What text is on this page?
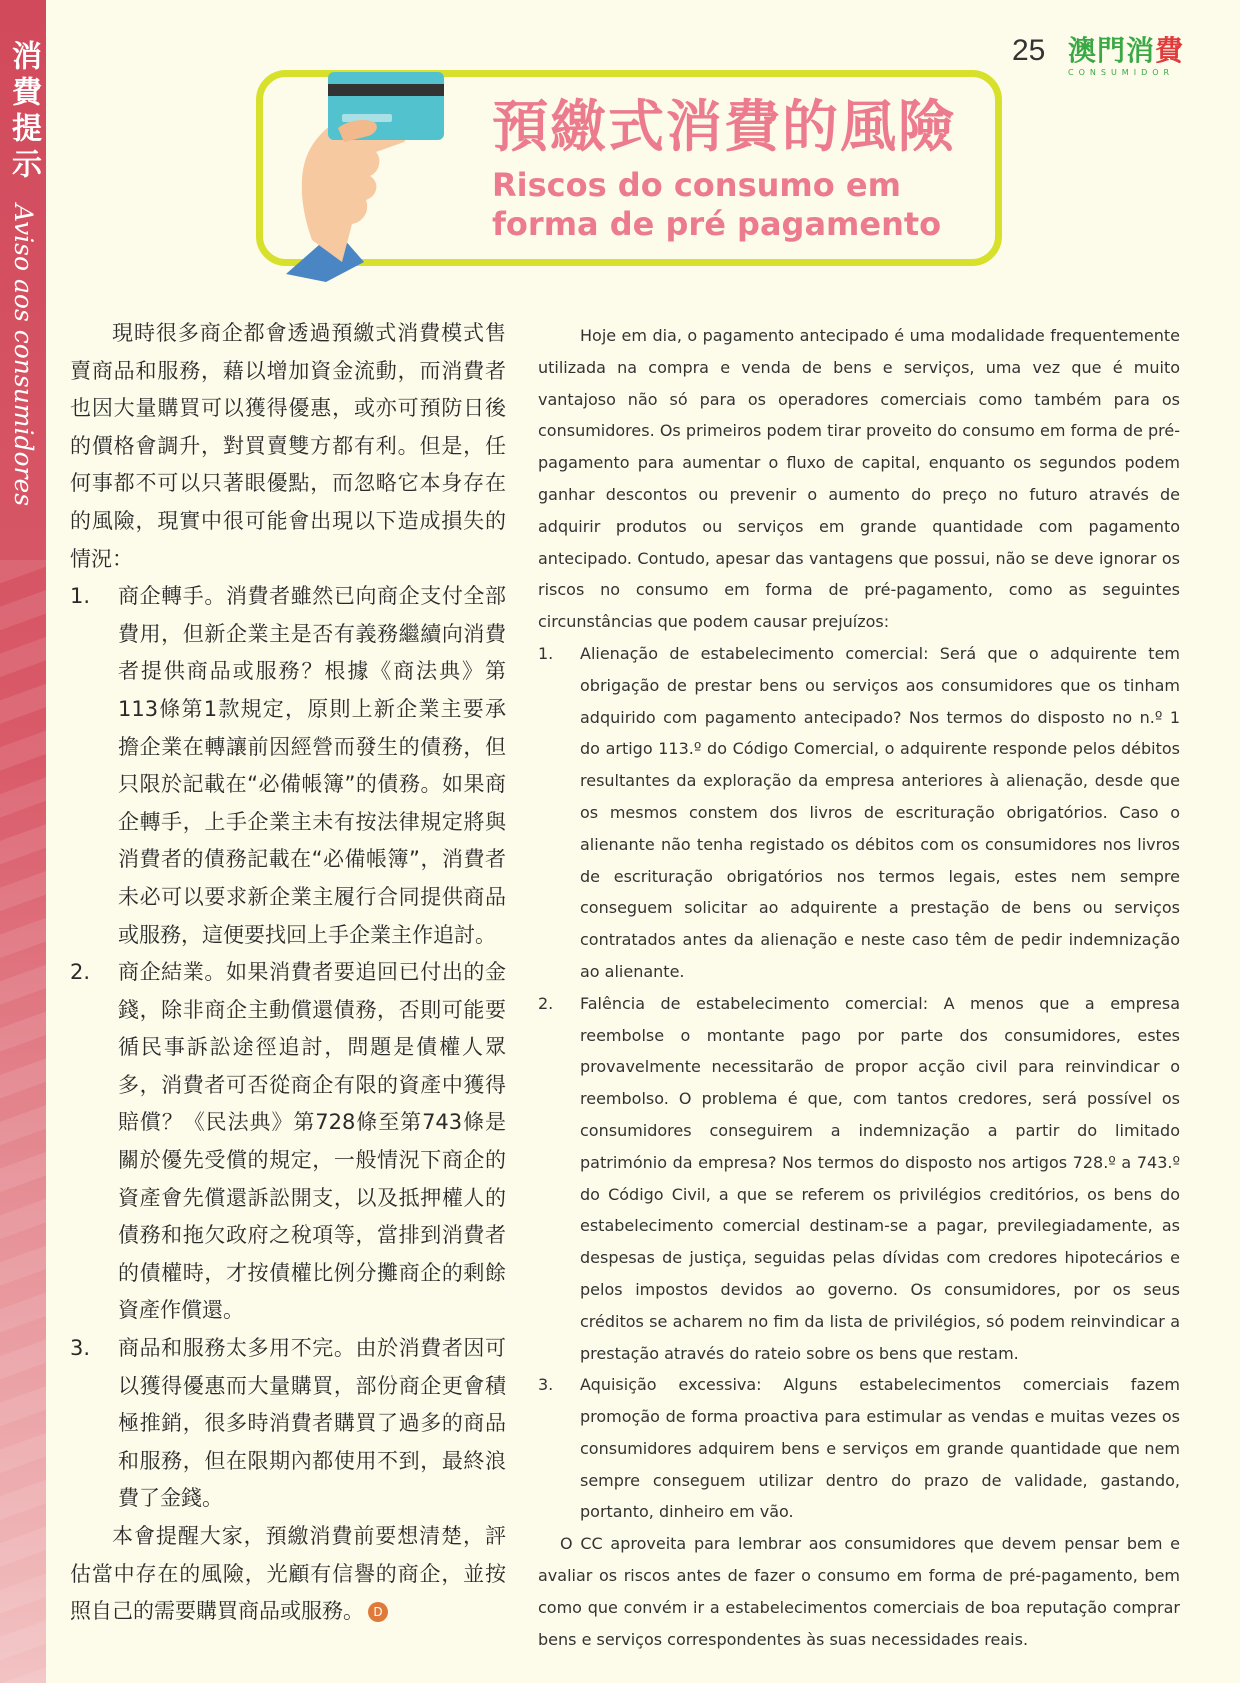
消費提示
Aviso aos consumidores
25 澳門消費
CONSUMIDOR
預繳式消費的風險
Riscos do consumo em
forma de pré pagamento

現時很多商企都會透過預繳式消費模式售賣商品和服務，藉以增加資金流動，而消費者也因大量購買可以獲得優惠，或亦可預防日後的價格會調升，對買賣雙方都有利。但是，任何事都不可以只著眼優點，而忽略它本身存在的風險，現實中很可能會出現以下造成損失的情況：

1. 商企轉手。消費者雖然已向商企支付全部費用，但新企業主是否有義務繼續向消費者提供商品或服務？根據《商法典》第113條第1款規定，原則上新企業主要承擔企業在轉讓前因經營而發生的債務，但只限於記載在“必備帳簿”的債務。如果商企轉手，上手企業主未有按法律規定將與消費者的債務記載在“必備帳簿”，消費者未必可以要求新企業主履行合同提供商品或服務，這便要找回上手企業主作追討。
2. 商企結業。如果消費者要追回已付出的金錢，除非商企主動償還債務，否則可能要循民事訴訟途徑追討，問題是債權人眾多，消費者可否從商企有限的資產中獲得賠償？《民法典》第728條至第743條是關於優先受償的規定，一般情況下商企的資產會先償還訴訟開支，以及抵押權人的債務和拖欠政府之稅項等，當排到消費者的債權時，才按債權比例分攤商企的剩餘資產作償還。
3. 商品和服務太多用不完。由於消費者因可以獲得優惠而大量購買，部份商企更會積極推銷，很多時消費者購買了過多的商品和服務，但在限期內都使用不到，最終浪費了金錢。

本會提醒大家，預繳消費前要想清楚，評估當中存在的風險，光顧有信譽的商企，並按照自己的需要購買商品或服務。 D

Hoje em dia, o pagamento antecipado é uma modalidade frequentemente utilizada na compra e venda de bens e serviços, uma vez que é muito vantajoso não só para os operadores comerciais como também para os consumidores. Os primeiros podem tirar proveito do consumo em forma de pré-pagamento para aumentar o fluxo de capital, enquanto os segundos podem ganhar descontos ou prevenir o aumento do preço no futuro através de adquirir produtos ou serviços em grande quantidade com pagamento antecipado. Contudo, apesar das vantagens que possui, não se deve ignorar os riscos no consumo em forma de pré-pagamento, como as seguintes circunstâncias que podem causar prejuízos:

1. Alienação de estabelecimento comercial: Será que o adquirente tem obrigação de prestar bens ou serviços aos consumidores que os tinham adquirido com pagamento antecipado? Nos termos do disposto no n.º 1 do artigo 113.º do Código Comercial, o adquirente responde pelos débitos resultantes da exploração da empresa anteriores à alienação, desde que os mesmos constem dos livros de escrituração obrigatórios. Caso o alienante não tenha registado os débitos com os consumidores nos livros de escrituração obrigatórios nos termos legais, estes nem sempre conseguem solicitar ao adquirente a prestação de bens ou serviços contratados antes da alienação e neste caso têm de pedir indemnização ao alienante.
2. Falência de estabelecimento comercial: A menos que a empresa reembolse o montante pago por parte dos consumidores, estes provavelmente necessitarão de propor acção civil para reinvindicar o reembolso. O problema é que, com tantos credores, será possível os consumidores conseguirem a indemnização a partir do limitado património da empresa? Nos termos do disposto nos artigos 728.º a 743.º do Código Civil, a que se referem os privilégios creditórios, os bens do estabelecimento comercial destinam-se a pagar, previlegiadamente, as despesas de justiça, seguidas pelas dívidas com credores hipotecários e pelos impostos devidos ao governo. Os consumidores, por os seus créditos se acharem no fim da lista de privilégios, só podem reinvindicar a prestação através do rateio sobre os bens que restam.
3. Aquisição excessiva: Alguns estabelecimentos comerciais fazem promoção de forma proactiva para estimular as vendas e muitas vezes os consumidores adquirem bens e serviços em grande quantidade que nem sempre conseguem utilizar dentro do prazo de validade, gastando, portanto, dinheiro em vão.

O CC aproveita para lembrar aos consumidores que devem pensar bem e avaliar os riscos antes de fazer o consumo em forma de pré-pagamento, bem como que convém ir a estabelecimentos comerciais de boa reputação comprar bens e serviços correspondentes às suas necessidades reais.
